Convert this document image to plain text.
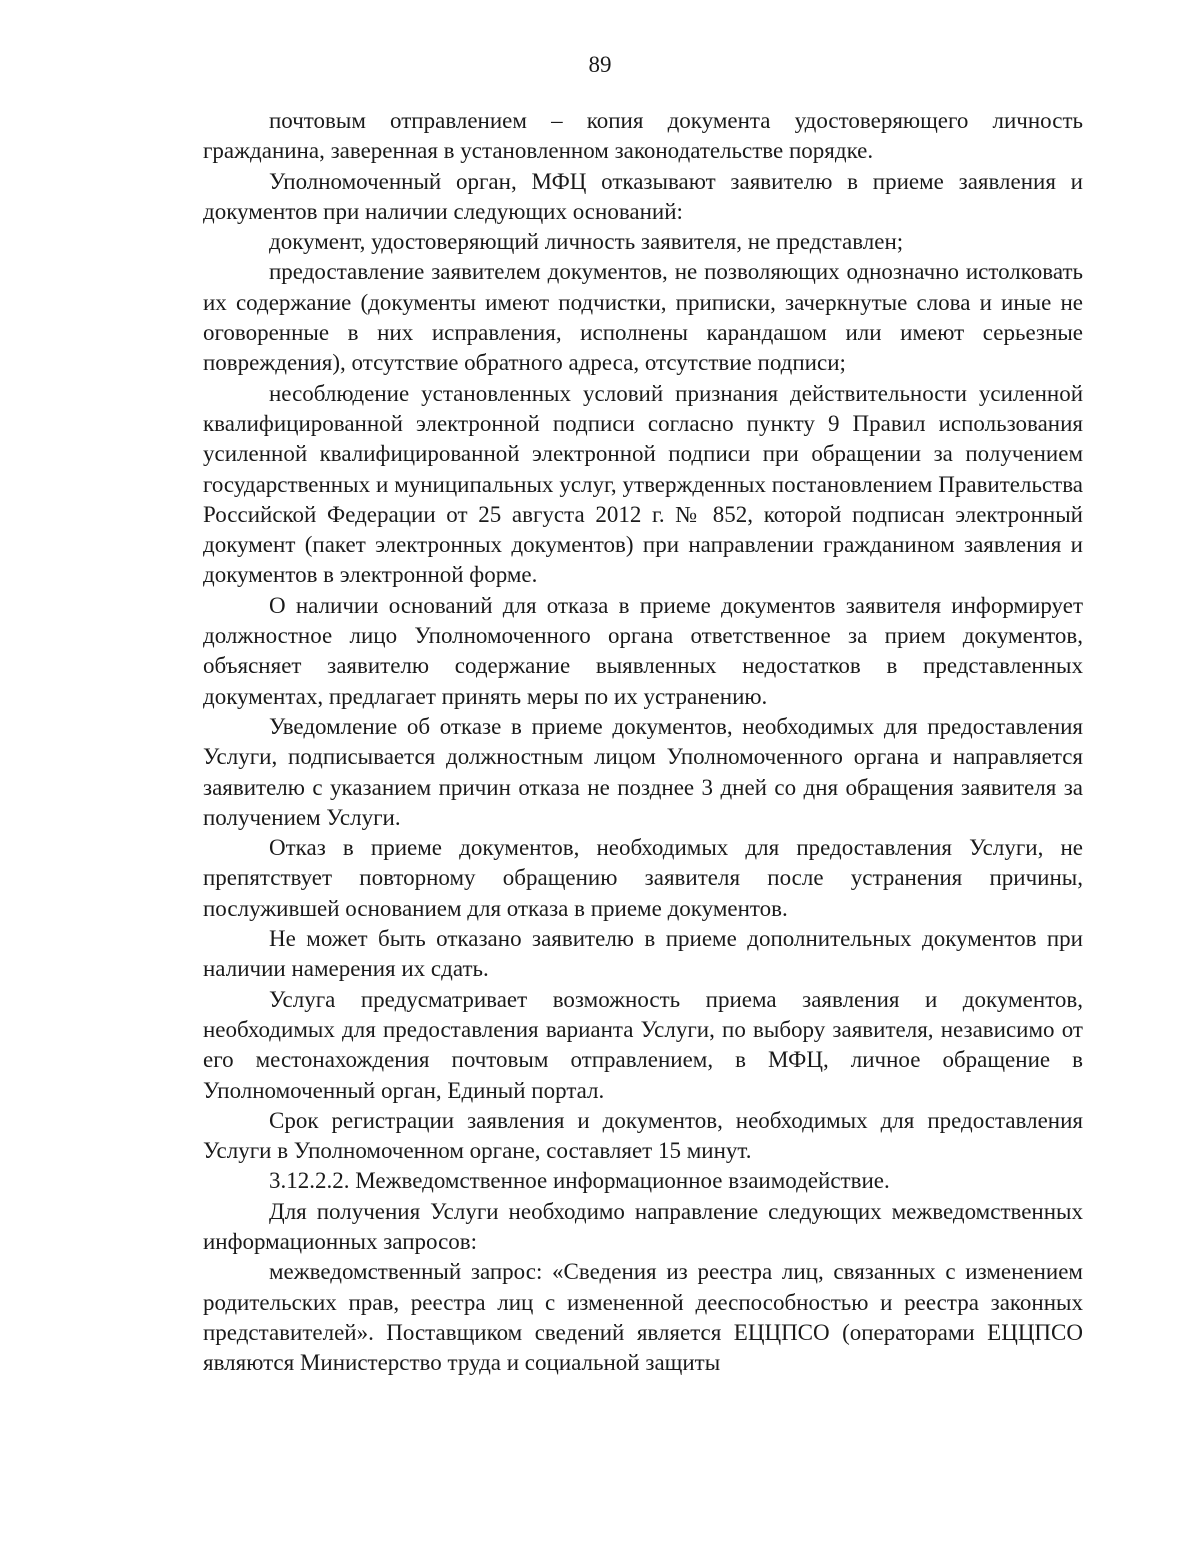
89

почтовым отправлением – копия документа удостоверяющего личность гражданина, заверенная в установленном законодательстве порядке.

Уполномоченный орган, МФЦ отказывают заявителю в приеме заявления и документов при наличии следующих оснований:

документ, удостоверяющий личность заявителя, не представлен;

предоставление заявителем документов, не позволяющих однозначно истолковать их содержание (документы имеют подчистки, приписки, зачеркнутые слова и иные не оговоренные в них исправления, исполнены карандашом или имеют серьезные повреждения), отсутствие обратного адреса, отсутствие подписи;

несоблюдение установленных условий признания действительности усиленной квалифицированной электронной подписи согласно пункту 9 Правил использования усиленной квалифицированной электронной подписи при обращении за получением государственных и муниципальных услуг, утвержденных постановлением Правительства Российской Федерации от 25 августа 2012 г. № 852, которой подписан электронный документ (пакет электронных документов) при направлении гражданином заявления и документов в электронной форме.

О наличии оснований для отказа в приеме документов заявителя информирует должностное лицо Уполномоченного органа ответственное за прием документов, объясняет заявителю содержание выявленных недостатков в представленных документах, предлагает принять меры по их устранению.

Уведомление об отказе в приеме документов, необходимых для предоставления Услуги, подписывается должностным лицом Уполномоченного органа и направляется заявителю с указанием причин отказа не позднее 3 дней со дня обращения заявителя за получением Услуги.

Отказ в приеме документов, необходимых для предоставления Услуги, не препятствует повторному обращению заявителя после устранения причины, послужившей основанием для отказа в приеме документов.

Не может быть отказано заявителю в приеме дополнительных документов при наличии намерения их сдать.

Услуга предусматривает возможность приема заявления и документов, необходимых для предоставления варианта Услуги, по выбору заявителя, независимо от его местонахождения почтовым отправлением, в МФЦ, личное обращение в Уполномоченный орган, Единый портал.

Срок регистрации заявления и документов, необходимых для предоставления Услуги в Уполномоченном органе, составляет 15 минут.

3.12.2.2. Межведомственное информационное взаимодействие.

Для получения Услуги необходимо направление следующих межведомственных информационных запросов:

межведомственный запрос: «Сведения из реестра лиц, связанных с изменением родительских прав, реестра лиц с измененной дееспособностью и реестра законных представителей». Поставщиком сведений является ЕЦЦПСО (операторами ЕЦЦПСО являются Министерство труда и социальной защиты
